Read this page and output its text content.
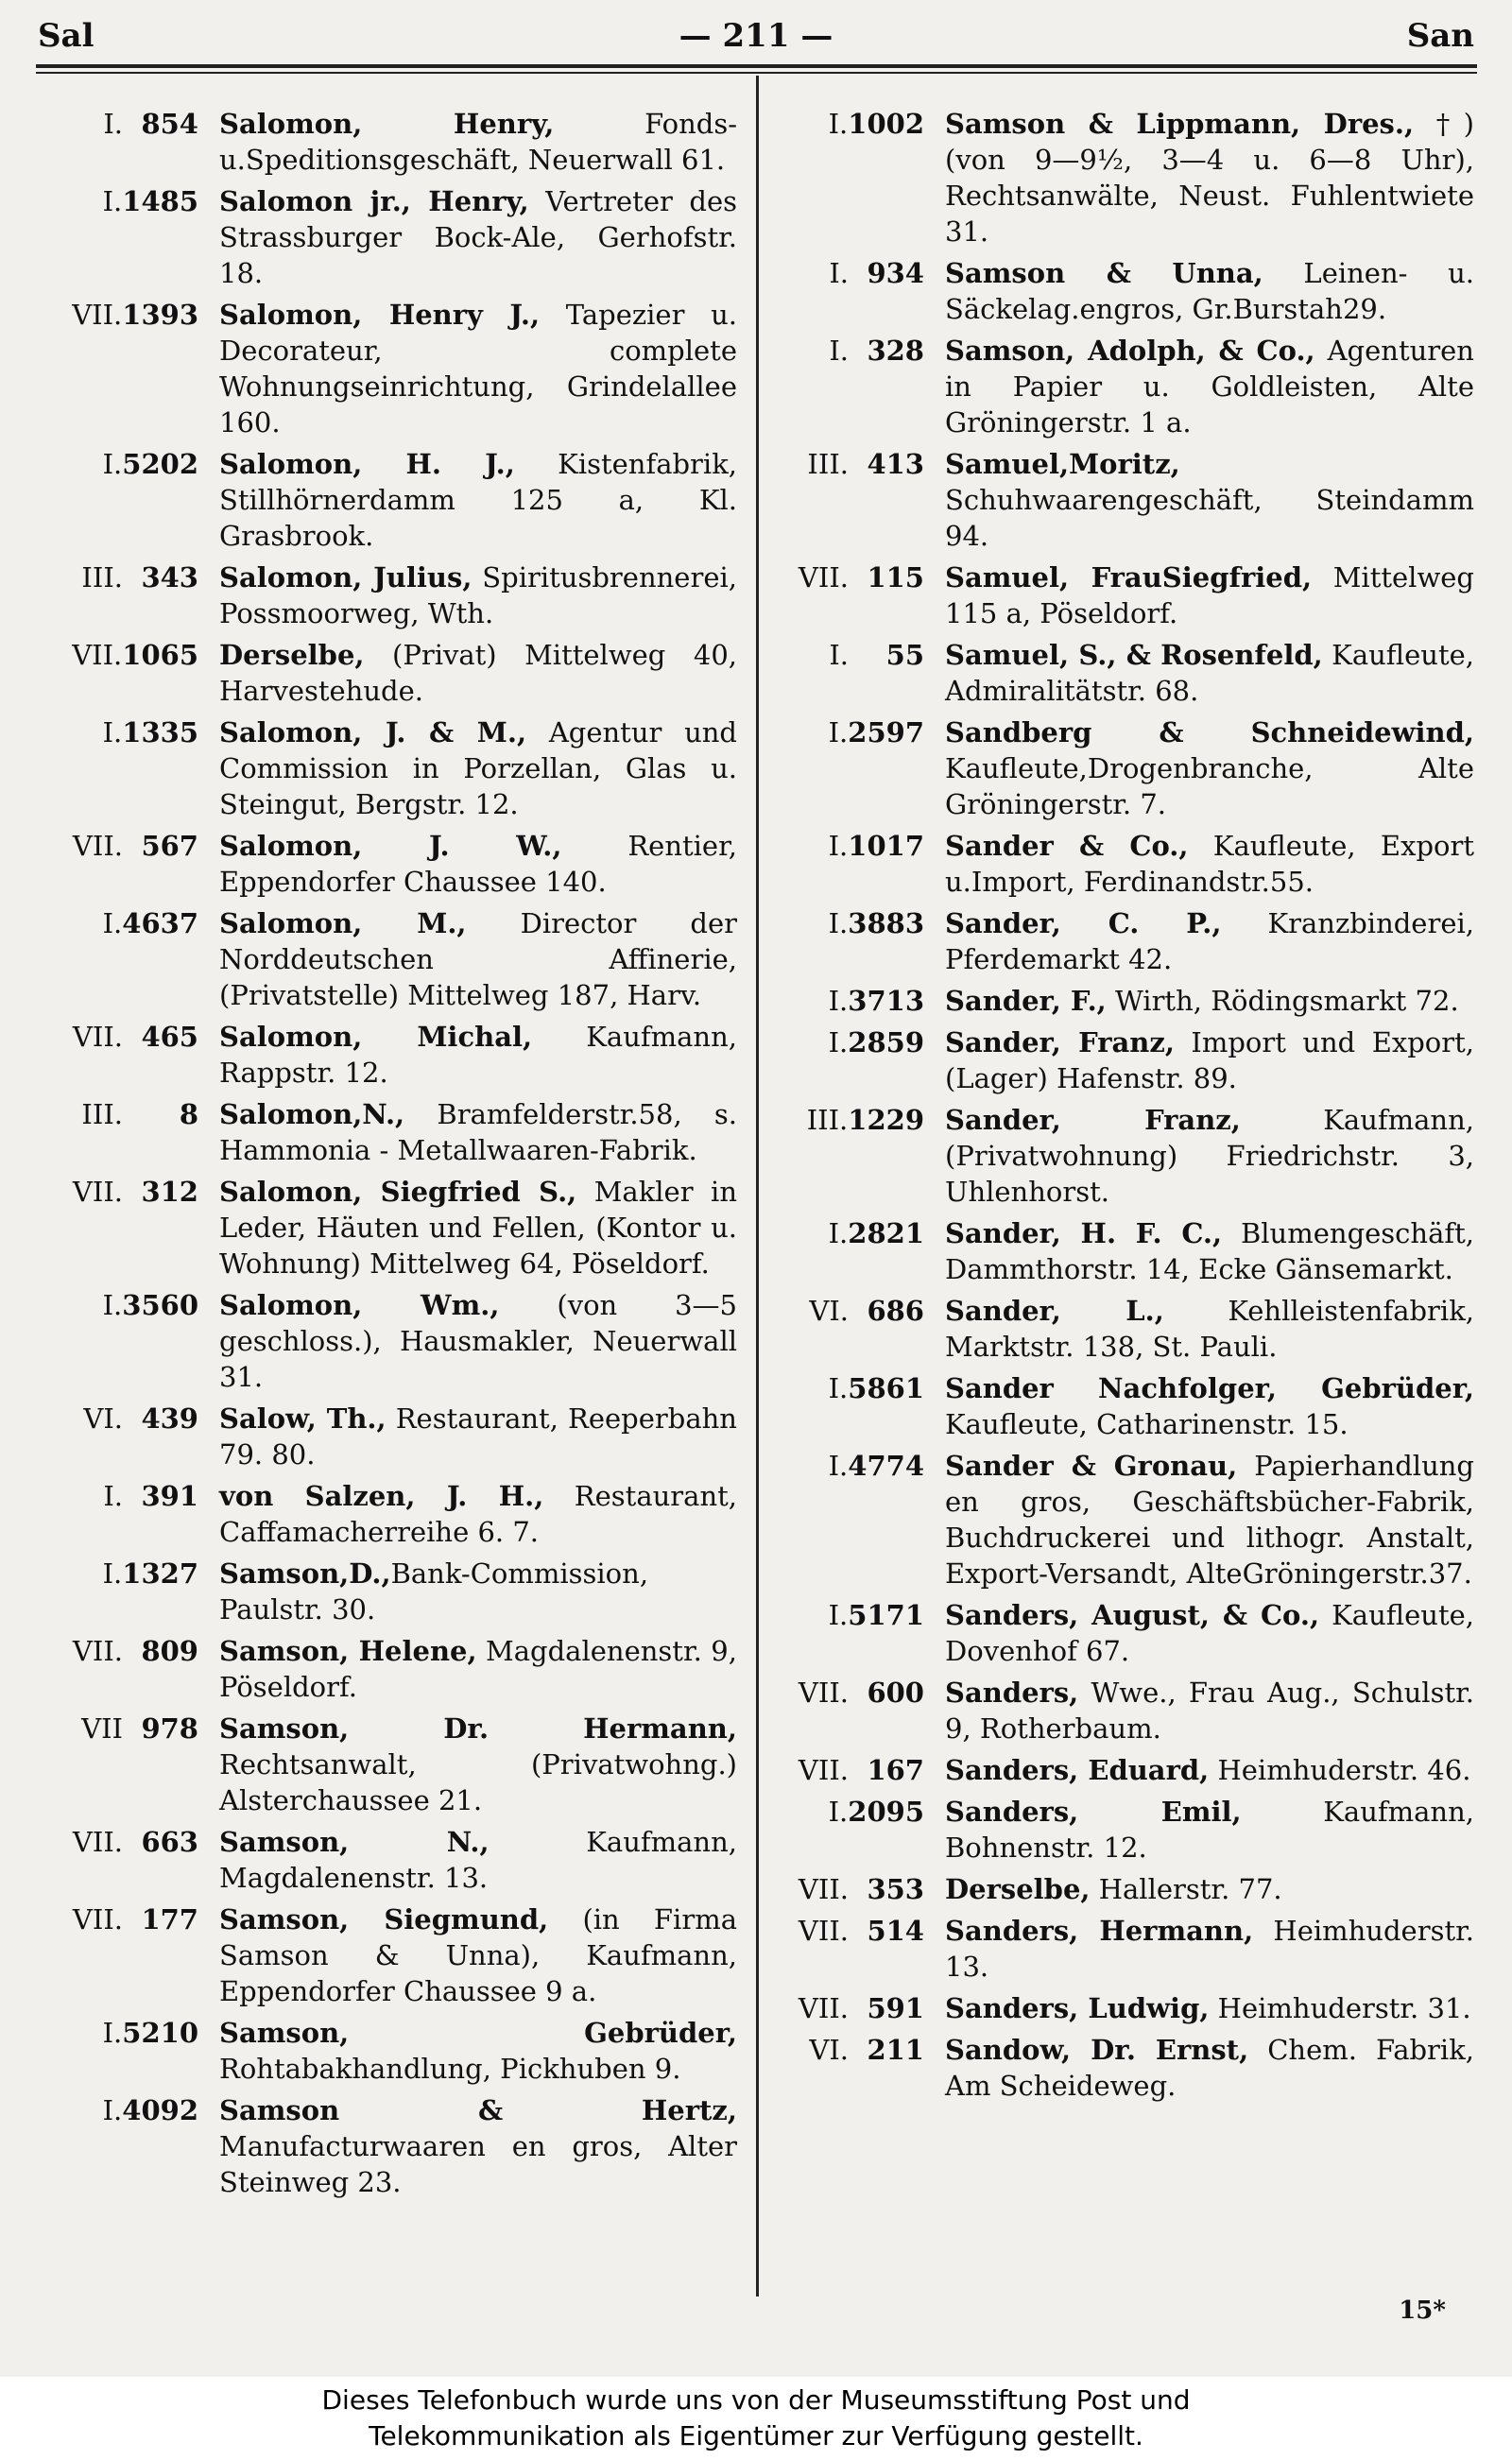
— 211 —
Sal	San
I. 854 Salomon, Henry, Fonds-u.Speditionsgeschäft, Neuerwall 61.
I.1485 Salomon jr., Henry, Vertreter des Strassburger Bock-Ale, Gerhofstr. 18.
VII.1393 Salomon, Henry J., Tapezier u. Decorateur, complete Wohnungseinrichtung, Grindelallee 160.
I.5202 Salomon, H. J., Kistenfabrik, Stillhörnerdamm 125 a, Kl. Grasbrook.
III. 343 Salomon, Julius, Spiritusbrennerei, Possmoorweg, Wth.
VII.1065 Derselbe, (Privat) Mittelweg 40, Harvestehude.
I.1335 Salomon, J. & M., Agentur und Commission in Porzellan, Glas u. Steingut, Bergstr. 12.
VII. 567 Salomon, J. W., Rentier, Eppendorfer Chaussee 140.
I.4637 Salomon, M., Director der Norddeutschen Affinerie, (Privatstelle) Mittelweg 187, Harv.
VII. 465 Salomon, Michal, Kaufmann, Rappstr. 12.
III. 8 Salomon,N., Bramfelderstr.58, s. Hammonia - Metallwaaren-Fabrik.
VII. 312 Salomon, Siegfried S., Makler in Leder, Häuten und Fellen, (Kontor u. Wohnung) Mittelweg 64, Pöseldorf.
I.3560 Salomon, Wm., (von 3—5 geschloss.), Hausmakler, Neuerwall 31.
VI. 439 Salow, Th., Restaurant, Reeperbahn 79. 80.
I. 391 von Salzen, J. H., Restaurant, Caffamacherreihe 6. 7.
I.1327 Samson,D.,Bank-Commission, Paulstr. 30.
VII. 809 Samson, Helene, Magdalenenstr. 9, Pöseldorf.
VII 978 Samson, Dr. Hermann, Rechtsanwalt, (Privatwohng.) Alsterchaussee 21.
VII. 663 Samson, N., Kaufmann, Magdalenenstr. 13.
VII. 177 Samson, Siegmund, (in Firma Samson & Unna), Kaufmann, Eppendorfer Chaussee 9 a.
I.5210 Samson, Gebrüder, Rohtabakhandlung, Pickhuben 9.
I.4092 Samson & Hertz, Manufacturwaaren en gros, Alter Steinweg 23.
I.1002 Samson & Lippmann, Dres., †) (von 9—9½, 3—4 u. 6—8 Uhr), Rechtsanwälte, Neust. Fuhlentwiete 31.
I. 934 Samson & Unna, Leinen- u. Säckelag.engros, Gr.Burstah29.
I. 328 Samson, Adolph, & Co., Agenturen in Papier u. Goldleisten, Alte Gröningerstr. 1 a.
III. 413 Samuel,Moritz, Schuhwaarengeschäft, Steindamm 94.
VII. 115 Samuel, FrauSiegfried, Mittelweg 115 a, Pöseldorf.
I. 55 Samuel, S., & Rosenfeld, Kaufleute, Admiralitätstr. 68.
I.2597 Sandberg & Schneidewind, Kaufleute,Drogenbranche, Alte Gröningerstr. 7.
I.1017 Sander & Co., Kaufleute, Export u.Import, Ferdinandstr.55.
I.3883 Sander, C. P., Kranzbinderei, Pferdemarkt 42.
I.3713 Sander, F., Wirth, Rödingsmarkt 72.
I.2859 Sander, Franz, Import und Export, (Lager) Hafenstr. 89.
III.1229 Sander, Franz, Kaufmann, (Privatwohnung) Friedrichstr. 3, Uhlenhorst.
I.2821 Sander, H. F. C., Blumengeschäft, Dammthorstr. 14, Ecke Gänsemarkt.
VI. 686 Sander, L., Kehlleistenfabrik, Marktstr. 138, St. Pauli.
I.5861 Sander Nachfolger, Gebrüder, Kaufleute, Catharinenstr. 15.
I.4774 Sander & Gronau, Papierhandlung en gros, Geschäftsbücher-Fabrik, Buchdruckerei und lithogr. Anstalt, Export-Versandt, AlteGröningerstr.37.
I.5171 Sanders, August, & Co., Kaufleute, Dovenhof 67.
VII. 600 Sanders, Wwe., Frau Aug., Schulstr. 9, Rotherbaum.
VII. 167 Sanders, Eduard, Heimhuderstr. 46.
I.2095 Sanders, Emil, Kaufmann, Bohnenstr. 12.
VII. 353 Derselbe, Hallerstr. 77.
VII. 514 Sanders, Hermann, Heimhuderstr. 13.
VII. 591 Sanders, Ludwig, Heimhuderstr. 31.
VI. 211 Sandow, Dr. Ernst, Chem. Fabrik, Am Scheideweg.
15*
Dieses Telefonbuch wurde uns von der Museumsstiftung Post und
Telekommunikation als Eigentümer zur Verfügung gestellt.
